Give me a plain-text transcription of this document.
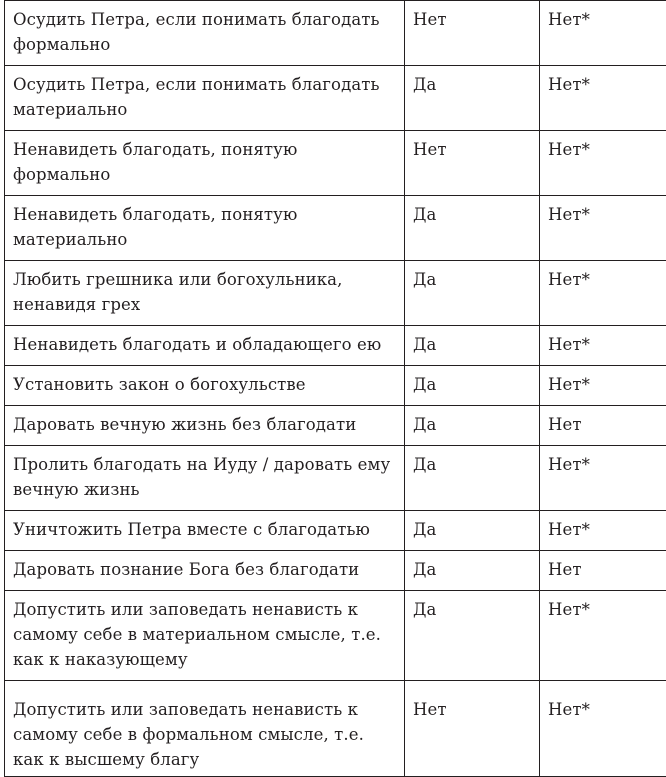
Осудить Петра, если понимать благодать формально	Нет	Нет*

Осудить Петра, если понимать благодать материально	Да	Нет*

Ненавидеть благодать, понятую формально	Нет	Нет*

Ненавидеть благодать, понятую материально	Да	Нет*

Любить грешника или богохульника, ненавидя грех	Да	Нет*

Ненавидеть благодать и обладающего ею	Да	Нет*

Установить закон о богохульстве	Да	Нет*

Даровать вечную жизнь без благодати	Да	Нет

Пролить благодать на Иуду / даровать ему вечную жизнь	Да	Нет*

Уничтожить Петра вместе с благодатью	Да	Нет*

Даровать познание Бога без благодати	Да	Нет

Допустить или заповедать ненависть к самому себе в материальном смысле, т.е. как к наказующему	Да	Нет*

Допустить или заповедать ненависть к самому себе в формальном смысле, т.е. как к высшему благу	Нет	Нет*
